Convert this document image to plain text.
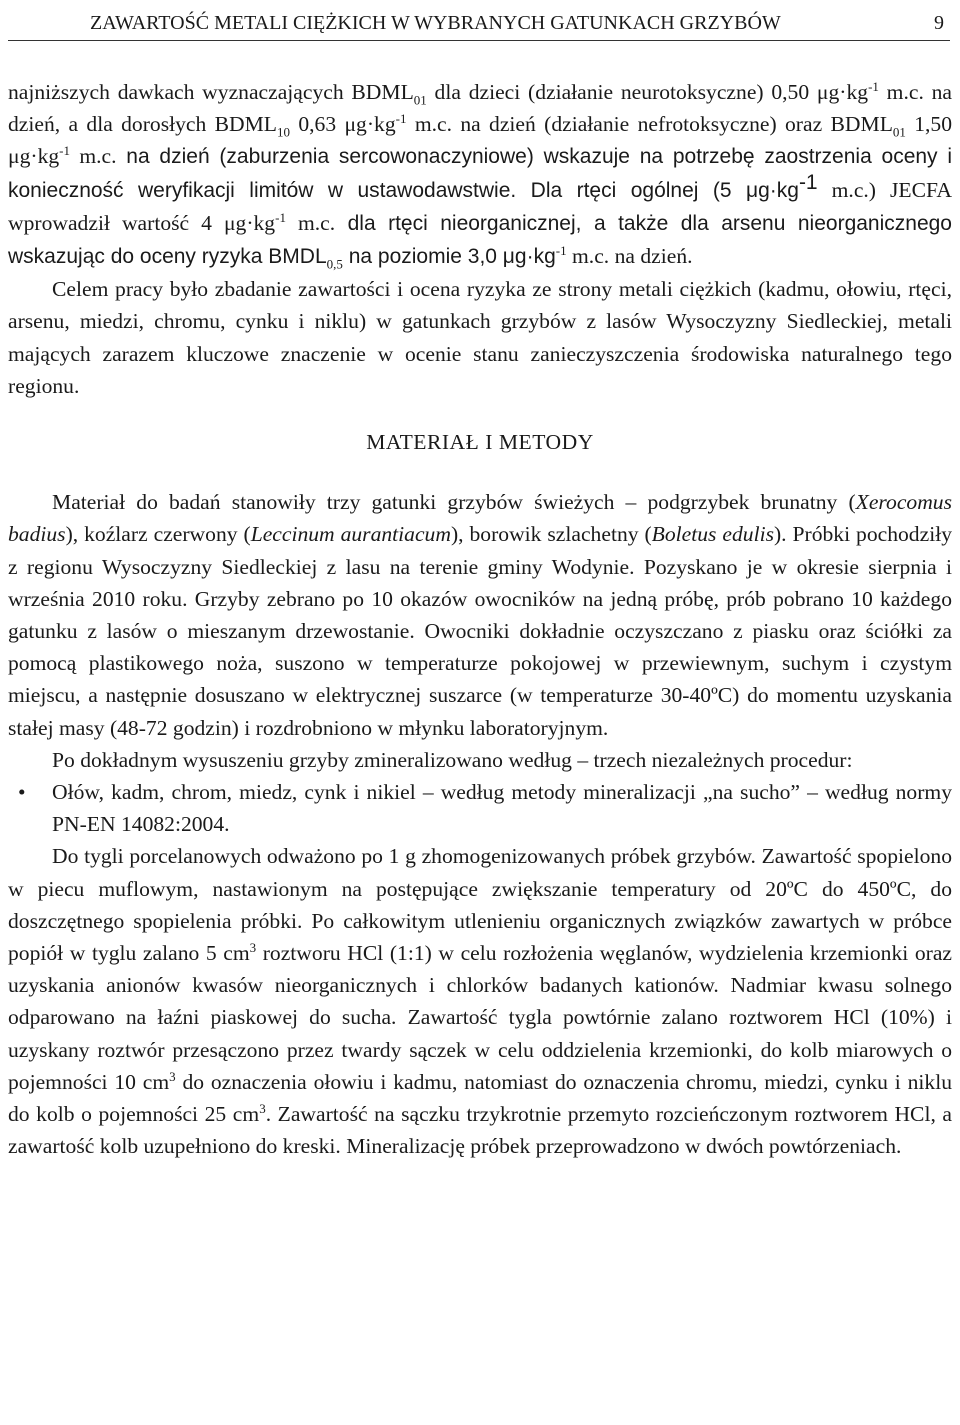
ZAWARTOŚĆ METALI CIĘŻKICH W WYBRANYCH GATUNKACH GRZYBÓW	9

najniższych dawkach wyznaczających $BDML_{01}$ dla dzieci (działanie neurotoksyczne) 0,50 $\mu g\cdot kg^{-1}$ m.c. na dzień, a dla dorosłych $BDML_{10}$ 0,63 $\mu g\cdot kg^{-1}$ m.c. na dzień (działanie nefrotoksyczne) oraz $BDML_{01}$ 1,50 $\mu g\cdot kg^{-1}$ m.c. na dzień (zaburzenia sercowonaczyniowe) wskazuje na potrzebę zaostrzenia oceny i konieczność weryfikacji limitów w ustawodawstwie. Dla rtęci ogólnej (5 $\mu g\cdot kg^{-1}$ m.c.) JECFA wprowadził wartość 4 $\mu g\cdot kg^{-1}$ m.c. dla rtęci nieorganicznej, a także dla arsenu nieorganicznego wskazując do oceny ryzyka $BMDL_{0,5}$ na poziomie 3,0 $\mu g\cdot kg^{-1}$ m.c. na dzień.

Celem pracy było zbadanie zawartości i ocena ryzyka ze strony metali ciężkich (kadmu, ołowiu, rtęci, arsenu, miedzi, chromu, cynku i niklu) w gatunkach grzybów z lasów Wysoczyzny Siedleckiej, metali mających zarazem kluczowe znaczenie w ocenie stanu zanieczyszczenia środowiska naturalnego tego regionu.

MATERIAŁ I METODY

Materiał do badań stanowiły trzy gatunki grzybów świeżych – podgrzybek brunatny (Xerocomus badius), koźlarz czerwony (Leccinum aurantiacum), borowik szlachetny (Boletus edulis). Próbki pochodziły z regionu Wysoczyzny Siedleckiej z lasu na terenie gminy Wodynie. Pozyskano je w okresie sierpnia i września 2010 roku. Grzyby zebrano po 10 okazów owocników na jedną próbę, prób pobrano 10 każdego gatunku z lasów o mieszanym drzewostanie. Owocniki dokładnie oczyszczano z piasku oraz ściółki za pomocą plastikowego noża, suszono w temperaturze pokojowej w przewiewnym, suchym i czystym miejscu, a następnie dosuszano w elektrycznej suszarce (w temperaturze 30-40ºC) do momentu uzyskania stałej masy (48-72 godzin) i rozdrobniono w młynku laboratoryjnym.

Po dokładnym wysuszeniu grzyby zmineralizowano według – trzech niezależnych procedur:

• Ołów, kadm, chrom, miedz, cynk i nikiel – według metody mineralizacji „na sucho” – według normy PN-EN 14082:2004.

Do tygli porcelanowych odważono po 1 g zhomogenizowanych próbek grzybów. Zawartość spopielono w piecu muflowym, nastawionym na postępujące zwiększanie temperatury od 20ºC do 450ºC, do doszczętnego spopielenia próbki. Po całkowitym utlenieniu organicznych związków zawartych w próbce popiół w tyglu zalano 5 $cm^3$ roztworu HCl (1:1) w celu rozłożenia węglanów, wydzielenia krzemionki oraz uzyskania anionów kwasów nieorganicznych i chlorków badanych kationów. Nadmiar kwasu solnego odparowano na łaźni piaskowej do sucha. Zawartość tygla powtórnie zalano roztworem HCl (10%) i uzyskany roztwór przesączono przez twardy sączek w celu oddzielenia krzemionki, do kolb miarowych o pojemności 10 $cm^3$ do oznaczenia ołowiu i kadmu, natomiast do oznaczenia chromu, miedzi, cynku i niklu do kolb o pojemności 25 $cm^3$. Zawartość na sączku trzykrotnie przemyto rozcieńczonym roztworem HCl, a zawartość kolb uzupełniono do kreski. Mineralizację próbek przeprowadzono w dwóch powtórzeniach.
